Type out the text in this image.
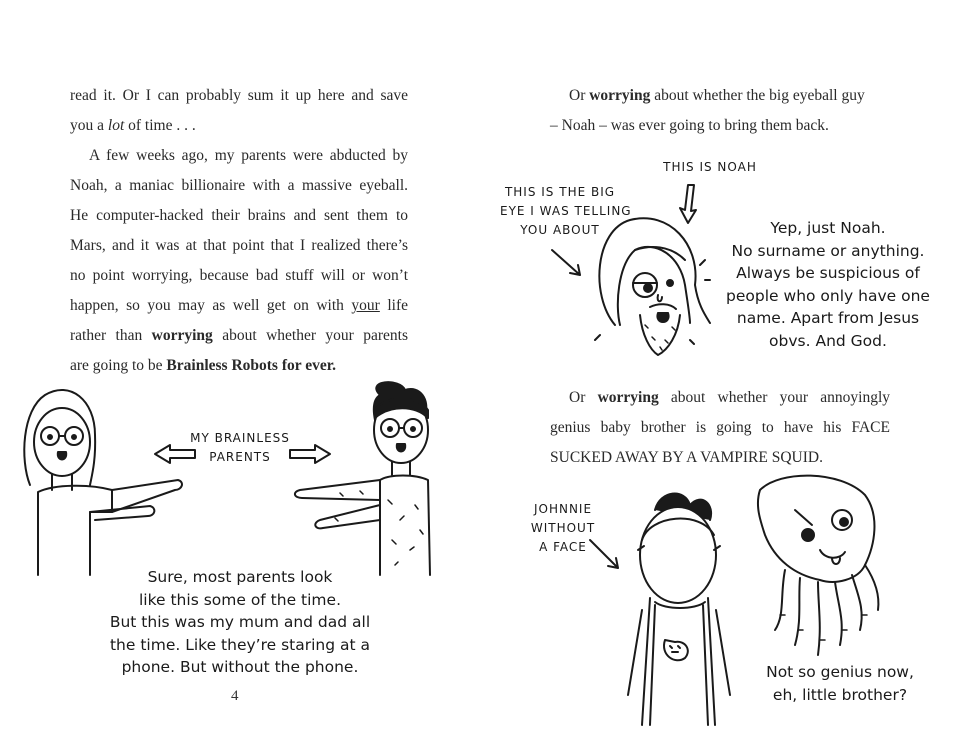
read it. Or I can probably sum it up here and save
you a lot of time . . .

A few weeks ago, my parents were abducted by
Noah, a maniac billionaire with a massive eyeball.
He computer-hacked their brains and sent them to
Mars, and it was at that point that I realized there’s
no point worrying, because bad stuff will or won’t
happen, so you may as well get on with your life
rather than worrying about whether your parents
are going to be Brainless Robots for ever.

MY BRAINLESS
PARENTS
Sure, most parents look
like this some of the time.
But this was my mum and dad all
the time. Like they’re staring at a
phone. But without the phone.
4

Or worrying about whether the big eyeball guy
– Noah – was ever going to bring them back.

THIS IS NOAH
THIS IS THE BIG
EYE I WAS TELLING
YOU ABOUT	Yep, just Noah.
No surname or anything.
Always be suspicious of
people who only have one
name. Apart from Jesus
obvs. And God.

Or worrying about whether your annoyingly
genius baby brother is going to have his FACE
SUCKED AWAY BY A VAMPIRE SQUID.

JOHNNIE
WITHOUT
A FACE
Not so genius now,
eh, little brother?
